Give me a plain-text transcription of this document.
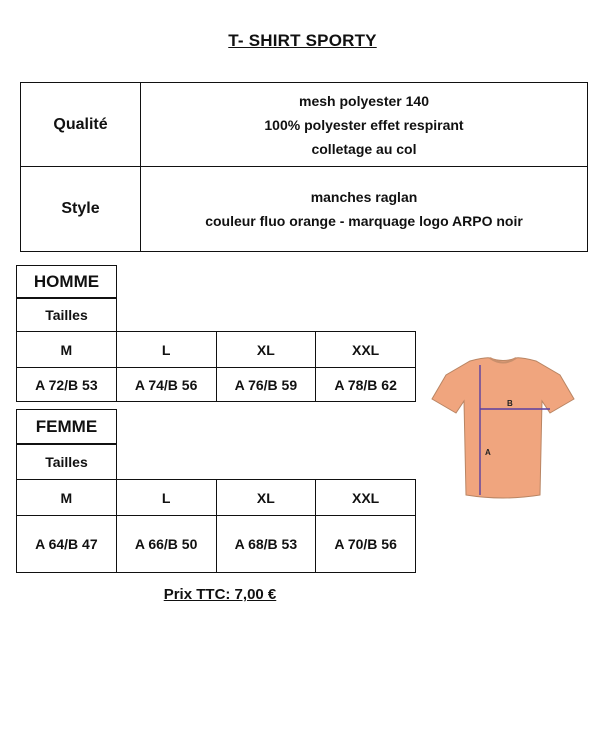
T- SHIRT SPORTY
Qualité	mesh polyester 140
100% polyester effet respirant
colletage au col

Style	manches raglan
couleur fluo orange - marquage logo ARPO noir
HOMME
Tailles
M	L	XL	XXL
A 72/B 53	A 74/B 56	A 76/B 59	A 78/B 62
FEMME
Tailles
M	L	XL	XXL
A 64/B 47	A 66/B 50	A 68/B 53	A 70/B 56
B
A
Prix TTC: 7,00 €
